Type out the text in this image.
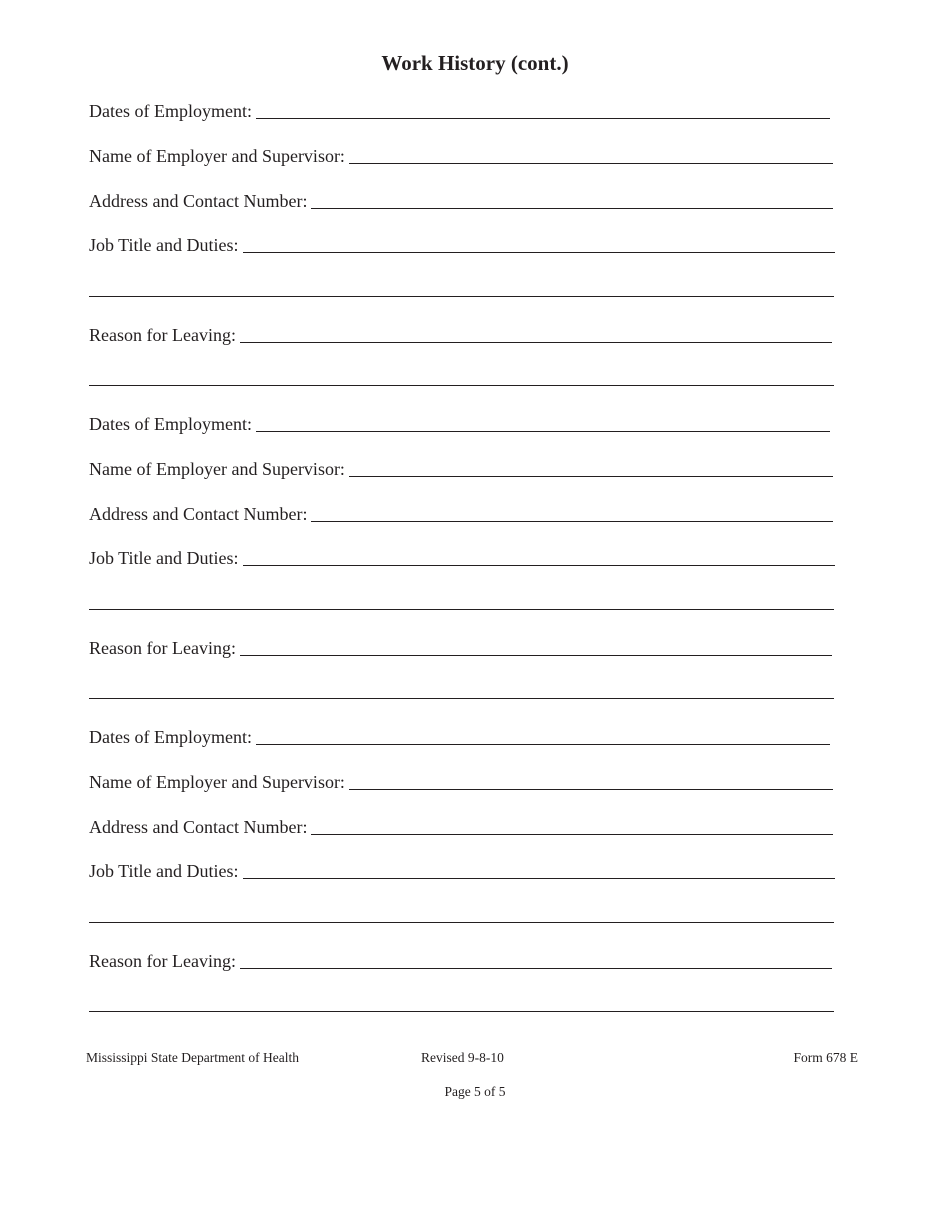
Work History (cont.)
Dates of Employment:
Name of Employer and Supervisor:
Address and Contact Number:
Job Title and Duties:
Reason for Leaving:
Dates of Employment:
Name of Employer and Supervisor:
Address and Contact Number:
Job Title and Duties:
Reason for Leaving:
Dates of Employment:
Name of Employer and Supervisor:
Address and Contact Number:
Job Title and Duties:
Reason for Leaving:
Mississippi State Department of Health	Revised 9-8-10	Form 678 E
Page 5 of 5
